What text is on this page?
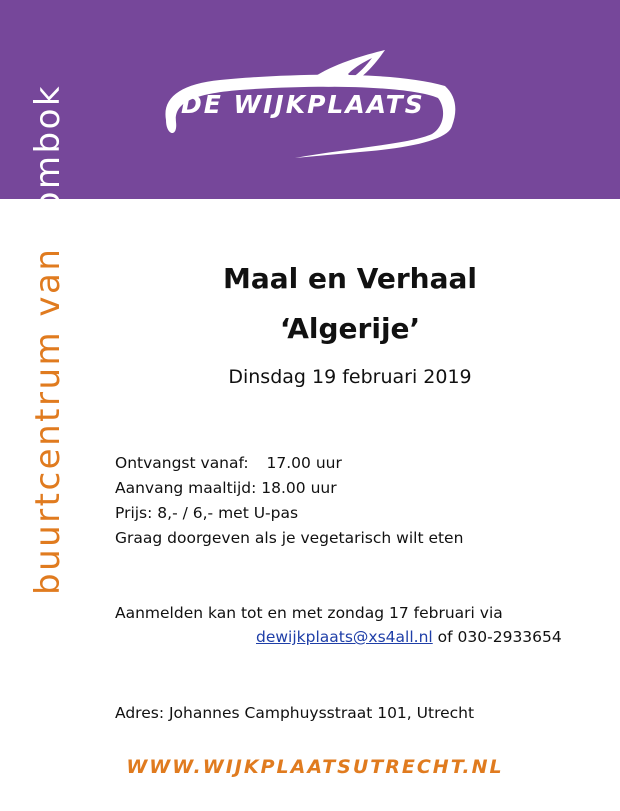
DE WIJKPLAATS
buurtcentrum van Lombok
Maal en Verhaal
‘Algerije’
Dinsdag 19 februari 2019
Ontvangst vanaf: 17.00 uur
Aanvang maaltijd: 18.00 uur
Prijs: 8,- / 6,- met U-pas
Graag doorgeven als je vegetarisch wilt eten
Aanmelden kan tot en met zondag 17 februari via
dewijkplaats@xs4all.nl of 030-2933654
Adres: Johannes Camphuysstraat 101, Utrecht
WWW.WIJKPLAATSUTRECHT.NL
